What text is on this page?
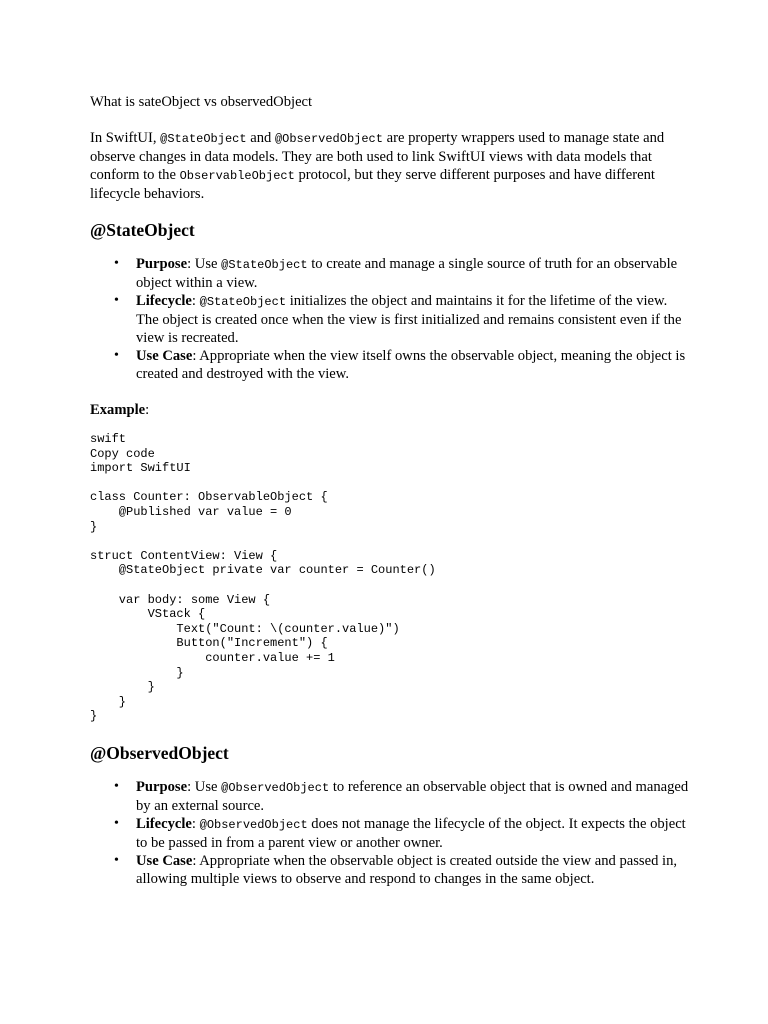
What is sateObject vs observedObject

In SwiftUI, @StateObject and @ObservedObject are property wrappers used to manage state and observe changes in data models. They are both used to link SwiftUI views with data models that conform to the ObservableObject protocol, but they serve different purposes and have different lifecycle behaviors.

@StateObject
• Purpose: Use @StateObject to create and manage a single source of truth for an observable object within a view.
• Lifecycle: @StateObject initializes the object and maintains it for the lifetime of the view. The object is created once when the view is first initialized and remains consistent even if the view is recreated.
• Use Case: Appropriate when the view itself owns the observable object, meaning the object is created and destroyed with the view.

Example:

swift
Copy code
import SwiftUI

class Counter: ObservableObject {
@Published var value = 0
}

struct ContentView: View {
@StateObject private var counter = Counter()

var body: some View {
VStack {
Text("Count: \(counter.value)")
Button("Increment") {
counter.value += 1
}
}
}
}
@ObservedObject
• Purpose: Use @ObservedObject to reference an observable object that is owned and managed by an external source.
• Lifecycle: @ObservedObject does not manage the lifecycle of the object. It expects the object to be passed in from a parent view or another owner.
• Use Case: Appropriate when the observable object is created outside the view and passed in, allowing multiple views to observe and respond to changes in the same object.
